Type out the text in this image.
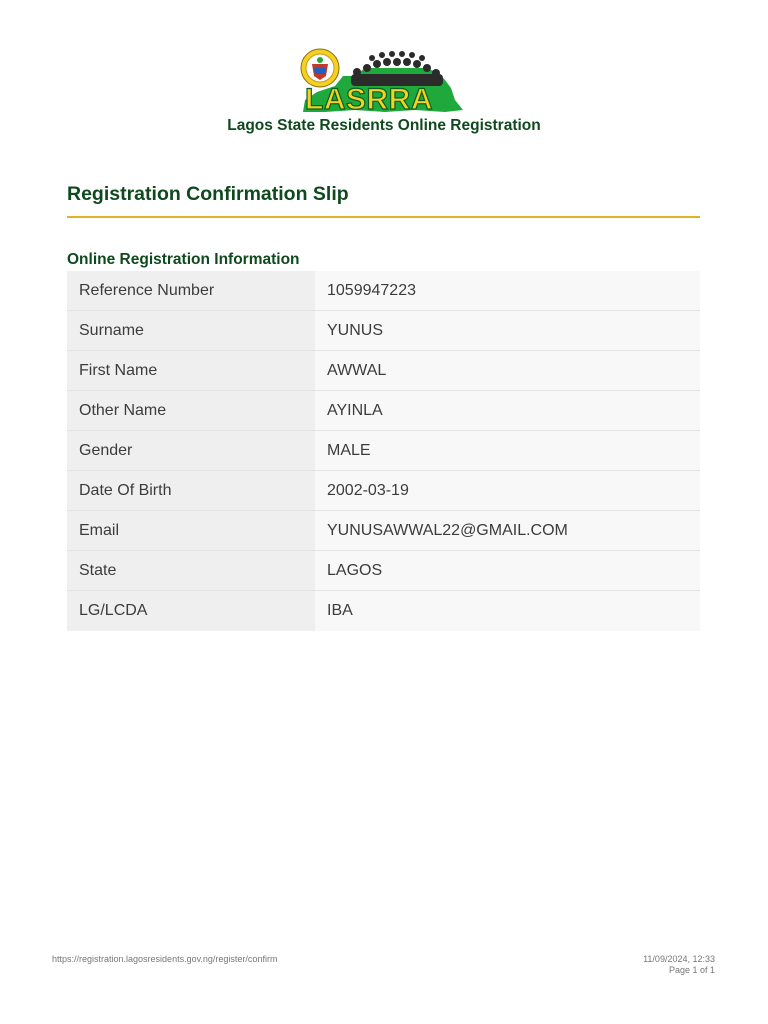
LASRRA
Lagos State Residents Online Registration
Registration Confirmation Slip
Online Registration Information
Reference Number	1059947223
Surname	YUNUS
First Name	AWWAL
Other Name	AYINLA
Gender	MALE
Date Of Birth	2002-03-19
Email	YUNUSAWWAL22@GMAIL.COM
State	LAGOS
LG/LCDA	IBA
https://registration.lagosresidents.gov.ng/register/confirm	11/09/2024, 12:33
Page 1 of 1
